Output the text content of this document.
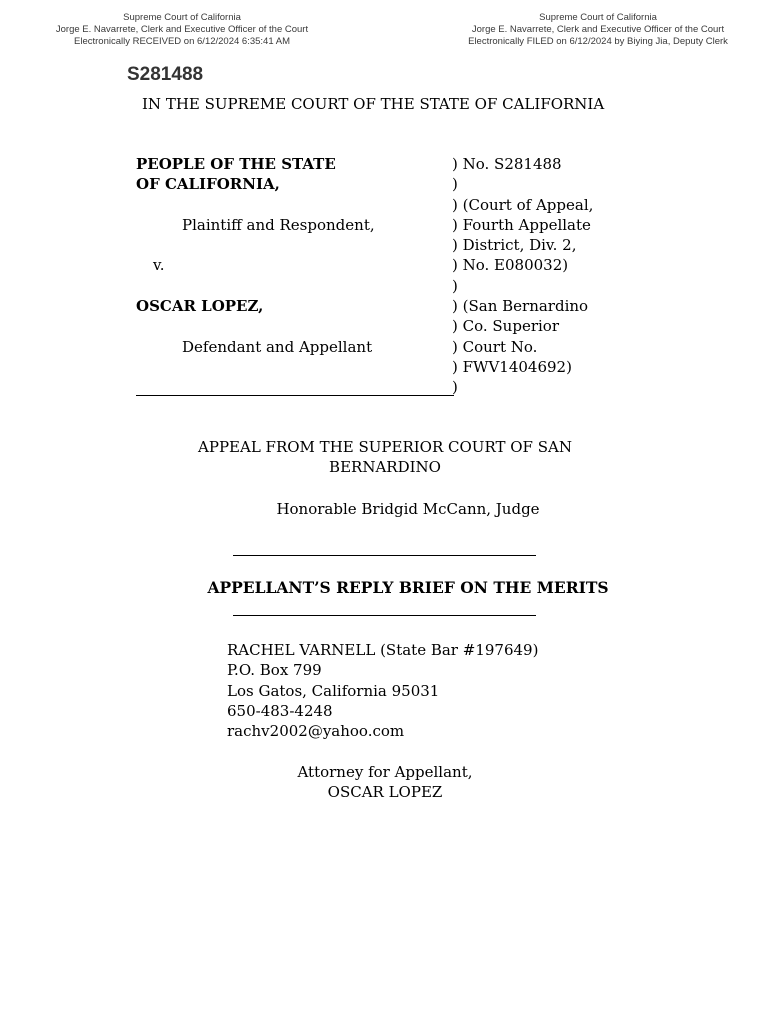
Supreme Court of California
Jorge E. Navarrete, Clerk and Executive Officer of the Court
Electronically RECEIVED on 6/12/2024 6:35:41 AM
Supreme Court of California
Jorge E. Navarrete, Clerk and Executive Officer of the Court
Electronically FILED on 6/12/2024 by Biying Jia, Deputy Clerk
S281488
IN THE SUPREME COURT OF THE STATE OF CALIFORNIA
PEOPLE OF THE STATE
OF CALIFORNIA,
Plaintiff and Respondent,
v.
OSCAR LOPEZ,
Defendant and Appellant
) No. S281488
)
) (Court of Appeal,
) Fourth Appellate
) District, Div. 2,
) No. E080032)
)
) (San Bernardino
) Co. Superior
) Court No.
) FWV1404692)
)
APPEAL FROM THE SUPERIOR COURT OF SAN
BERNARDINO
Honorable Bridgid McCann, Judge
APPELLANT’S REPLY BRIEF ON THE MERITS
RACHEL VARNELL (State Bar #197649)
P.O. Box 799
Los Gatos, California 95031
650-483-4248
rachv2002@yahoo.com
Attorney for Appellant,
OSCAR LOPEZ
